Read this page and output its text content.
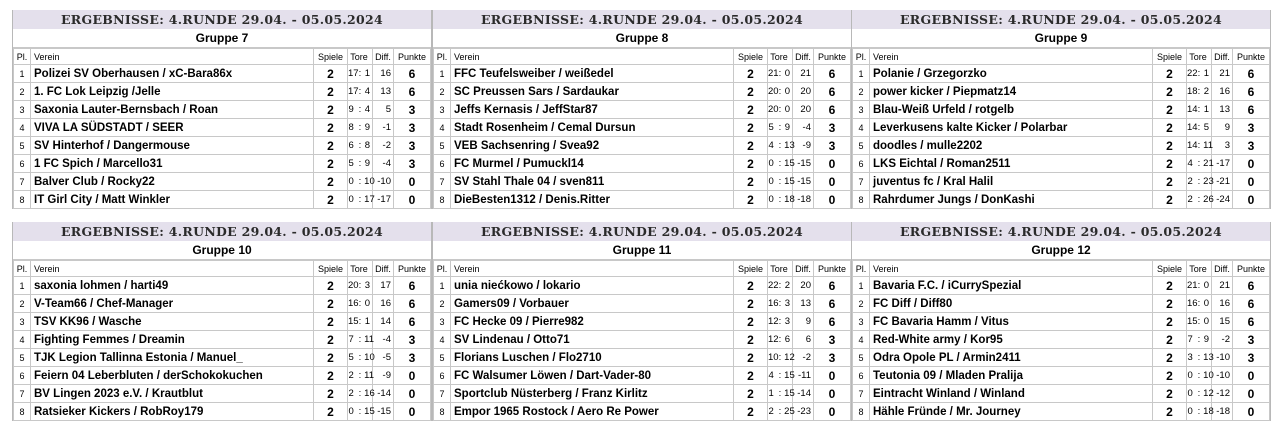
ERGEBNISSE: 4.RUNDE 29.04. - 05.05.2024
Gruppe 7
Pl.	Verein	Spiele	Tore			Diff.	Punkte
1	Polizei SV Oberhausen / xC-Bara86x	2	17	:	1	16	6
2	1. FC Lok Leipzig /Jelle	2	17	:	4	13	6
3	Saxonia Lauter-Bernsbach / Roan	2	9	:	4	5	3
4	VIVA LA SÜDSTADT / SEER	2	8	:	9	-1	3
5	SV Hinterhof / Dangermouse	2	6	:	8	-2	3
6	1 FC Spich / Marcello31	2	5	:	9	-4	3
7	Balver Club / Rocky22	2	0	:	10	-10	0
8	IT Girl City / Matt Winkler	2	0	:	17	-17	0
ERGEBNISSE: 4.RUNDE 29.04. - 05.05.2024
Gruppe 8
Pl.	Verein	Spiele	Tore			Diff.	Punkte
1	FFC Teufelsweiber / weißedel	2	21	:	0	21	6
2	SC Preussen Sars / Sardaukar	2	20	:	0	20	6
3	Jeffs Kernasis / JeffStar87	2	20	:	0	20	6
4	Stadt Rosenheim / Cemal Dursun	2	5	:	9	-4	3
5	VEB Sachsenring / Svea92	2	4	:	13	-9	3
6	FC Murmel / Pumuckl14	2	0	:	15	-15	0
7	SV Stahl Thale 04 / sven811	2	0	:	15	-15	0
8	DieBesten1312 / Denis.Ritter	2	0	:	18	-18	0
ERGEBNISSE: 4.RUNDE 29.04. - 05.05.2024
Gruppe 9
Pl.	Verein	Spiele	Tore			Diff.	Punkte
1	Polanie / Grzegorzko	2	22	:	1	21	6
2	power kicker / Piepmatz14	2	18	:	2	16	6
3	Blau-Weiß Urfeld / rotgelb	2	14	:	1	13	6
4	Leverkusens kalte Kicker / Polarbar	2	14	:	5	9	3
5	doodles / mulle2202	2	14	:	11	3	3
6	LKS Eichtal / Roman2511	2	4	:	21	-17	0
7	juventus fc / Kral Halil	2	2	:	23	-21	0
8	Rahrdumer Jungs / DonKashi	2	2	:	26	-24	0
ERGEBNISSE: 4.RUNDE 29.04. - 05.05.2024
Gruppe 10
Pl.	Verein	Spiele	Tore			Diff.	Punkte
1	saxonia lohmen / harti49	2	20	:	3	17	6
2	V-Team66 / Chef-Manager	2	16	:	0	16	6
3	TSV KK96 / Wasche	2	15	:	1	14	6
4	Fighting Femmes / Dreamin	2	7	:	11	-4	3
5	TJK Legion Tallinna Estonia / Manuel_	2	5	:	10	-5	3
6	Feiern 04 Leberbluten / derSchokokuchen	2	2	:	11	-9	0
7	BV Lingen 2023 e.V. / Krautblut	2	2	:	16	-14	0
8	Ratsieker Kickers / RobRoy179	2	0	:	15	-15	0
ERGEBNISSE: 4.RUNDE 29.04. - 05.05.2024
Gruppe 11
Pl.	Verein	Spiele	Tore			Diff.	Punkte
1	unia niećkowo / lokario	2	22	:	2	20	6
2	Gamers09 / Vorbauer	2	16	:	3	13	6
3	FC Hecke 09 / Pierre982	2	12	:	3	9	6
4	SV Lindenau / Otto71	2	12	:	6	6	3
5	Florians Luschen / Flo2710	2	10	:	12	-2	3
6	FC Walsumer Löwen / Dart-Vader-80	2	4	:	15	-11	0
7	Sportclub Nüsterberg / Franz Kirlitz	2	1	:	15	-14	0
8	Empor 1965 Rostock / Aero Re Power	2	2	:	25	-23	0
ERGEBNISSE: 4.RUNDE 29.04. - 05.05.2024
Gruppe 12
Pl.	Verein	Spiele	Tore			Diff.	Punkte
1	Bavaria F.C. / iCurrySpezial	2	21	:	0	21	6
2	FC Diff / Diff80	2	16	:	0	16	6
3	FC Bavaria Hamm / Vitus	2	15	:	0	15	6
4	Red-White army / Kor95	2	7	:	9	-2	3
5	Odra Opole PL / Armin2411	2	3	:	13	-10	3
6	Teutonia 09 / Mladen Pralija	2	0	:	10	-10	0
7	Eintracht Winland / Winland	2	0	:	12	-12	0
8	Hähle Fründe / Mr. Journey	2	0	:	18	-18	0
